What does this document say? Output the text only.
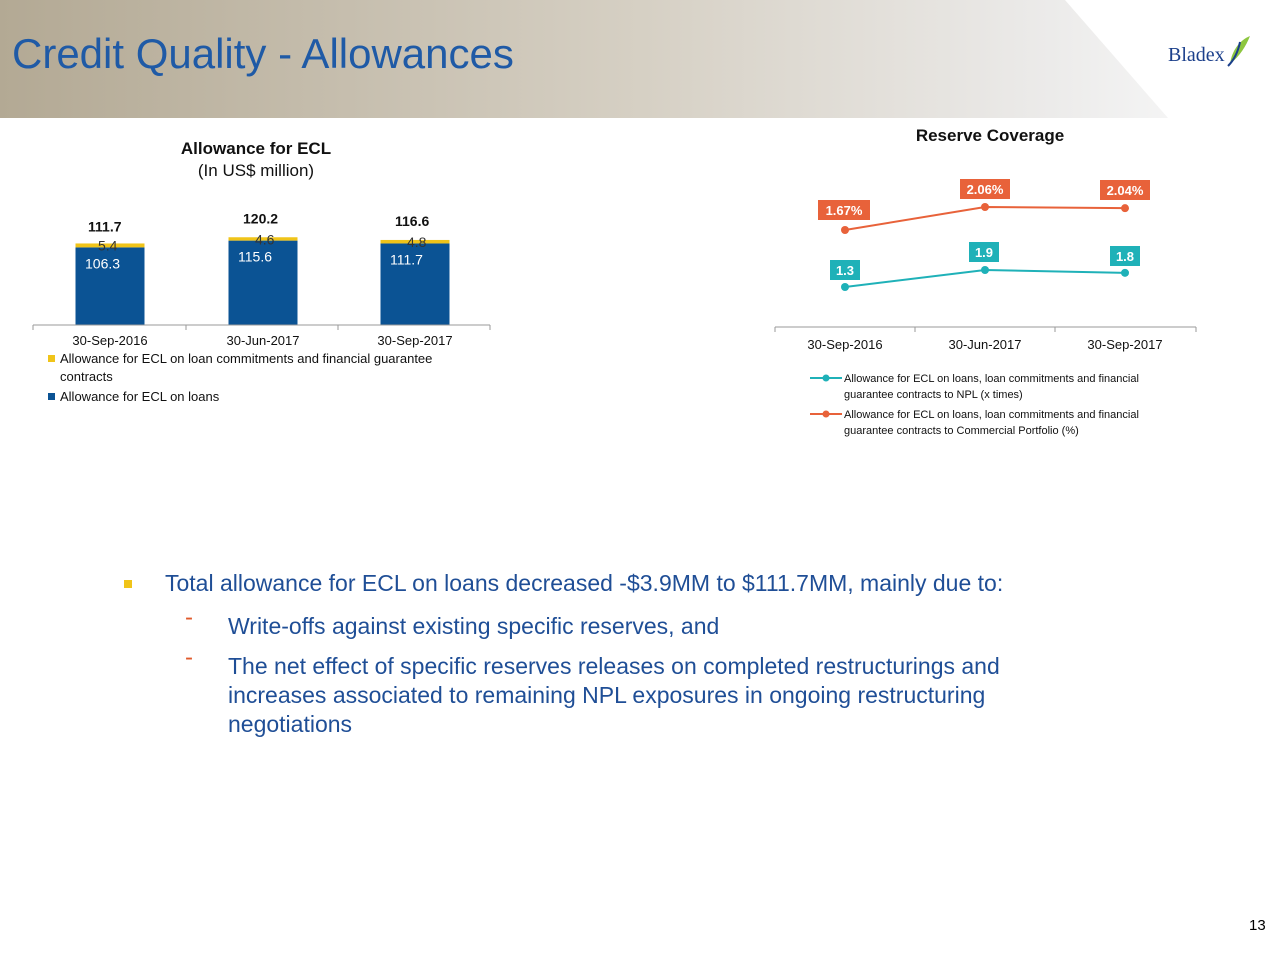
Credit Quality - Allowances	Bladex
Allowance for ECL
(In US$ million)
106.3
5.4
111.7
30-Sep-2016
115.6
4.6
120.2
30-Jun-2017
111.7
4.8
116.6
30-Sep-2017
Allowance for ECL on loan commitments and financial guarantee
contracts
Allowance for ECL on loans
Reserve Coverage
1.67%
2.06%	2.04%
1.3
1.9	1.8
30-Sep-2016	30-Jun-2017	30-Sep-2017
Allowance for ECL on loans, loan commitments and financial
guarantee contracts to NPL (x times)
Allowance for ECL on loans, loan commitments and financial
guarantee contracts to Commercial Portfolio (%)
Total allowance for ECL on loans decreased -$3.9MM to $111.7MM, mainly due to:
- Write-offs against existing specific reserves, and
- The net effect of specific reserves releases on completed restructurings and
increases associated to remaining NPL exposures in ongoing restructuring
negotiations
13
